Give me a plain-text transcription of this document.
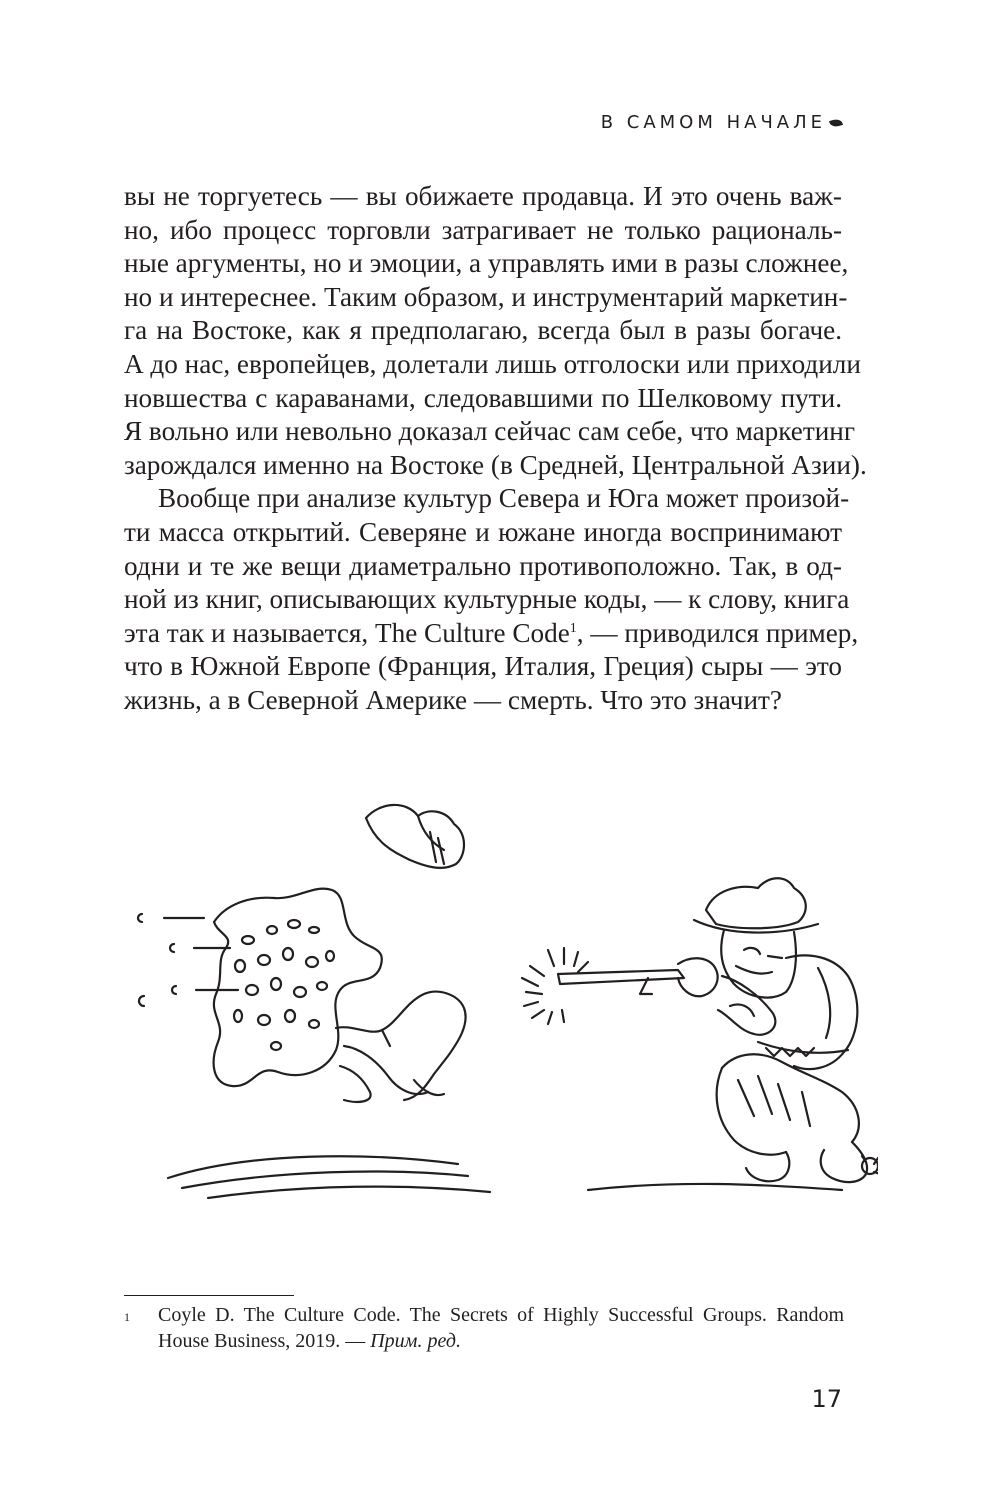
В САМОМ НАЧАЛЕ
вы не торгуетесь — вы обижаете продавца. И это очень важ-
но, ибо процесс торговли затрагивает не только рациональ-
ные аргументы, но и эмоции, а управлять ими в разы сложнее,
но и интереснее. Таким образом, и инструментарий маркетин-
га на Востоке, как я предполагаю, всегда был в разы богаче.
А до нас, европейцев, долетали лишь отголоски или приходили
новшества с караванами, следовавшими по Шелковому пути.
Я вольно или невольно доказал сейчас сам себе, что маркетинг
зарождался именно на Востоке (в Средней, Центральной Азии).
Вообще при анализе культур Севера и Юга может произой-
ти масса открытий. Северяне и южане иногда воспринимают
одни и те же вещи диаметрально противоположно. Так, в од-
ной из книг, описывающих культурные коды, — к слову, книга
эта так и называется, The Culture Code$^1$, — приводился пример,
что в Южной Европе (Франция, Италия, Греция) сыры — это
жизнь, а в Северной Америке — смерть. Что это значит?
1 Coyle D. The Culture Code. The Secrets of Highly Successful Groups. Random
House Business, 2019. — Прим. ред.
17
